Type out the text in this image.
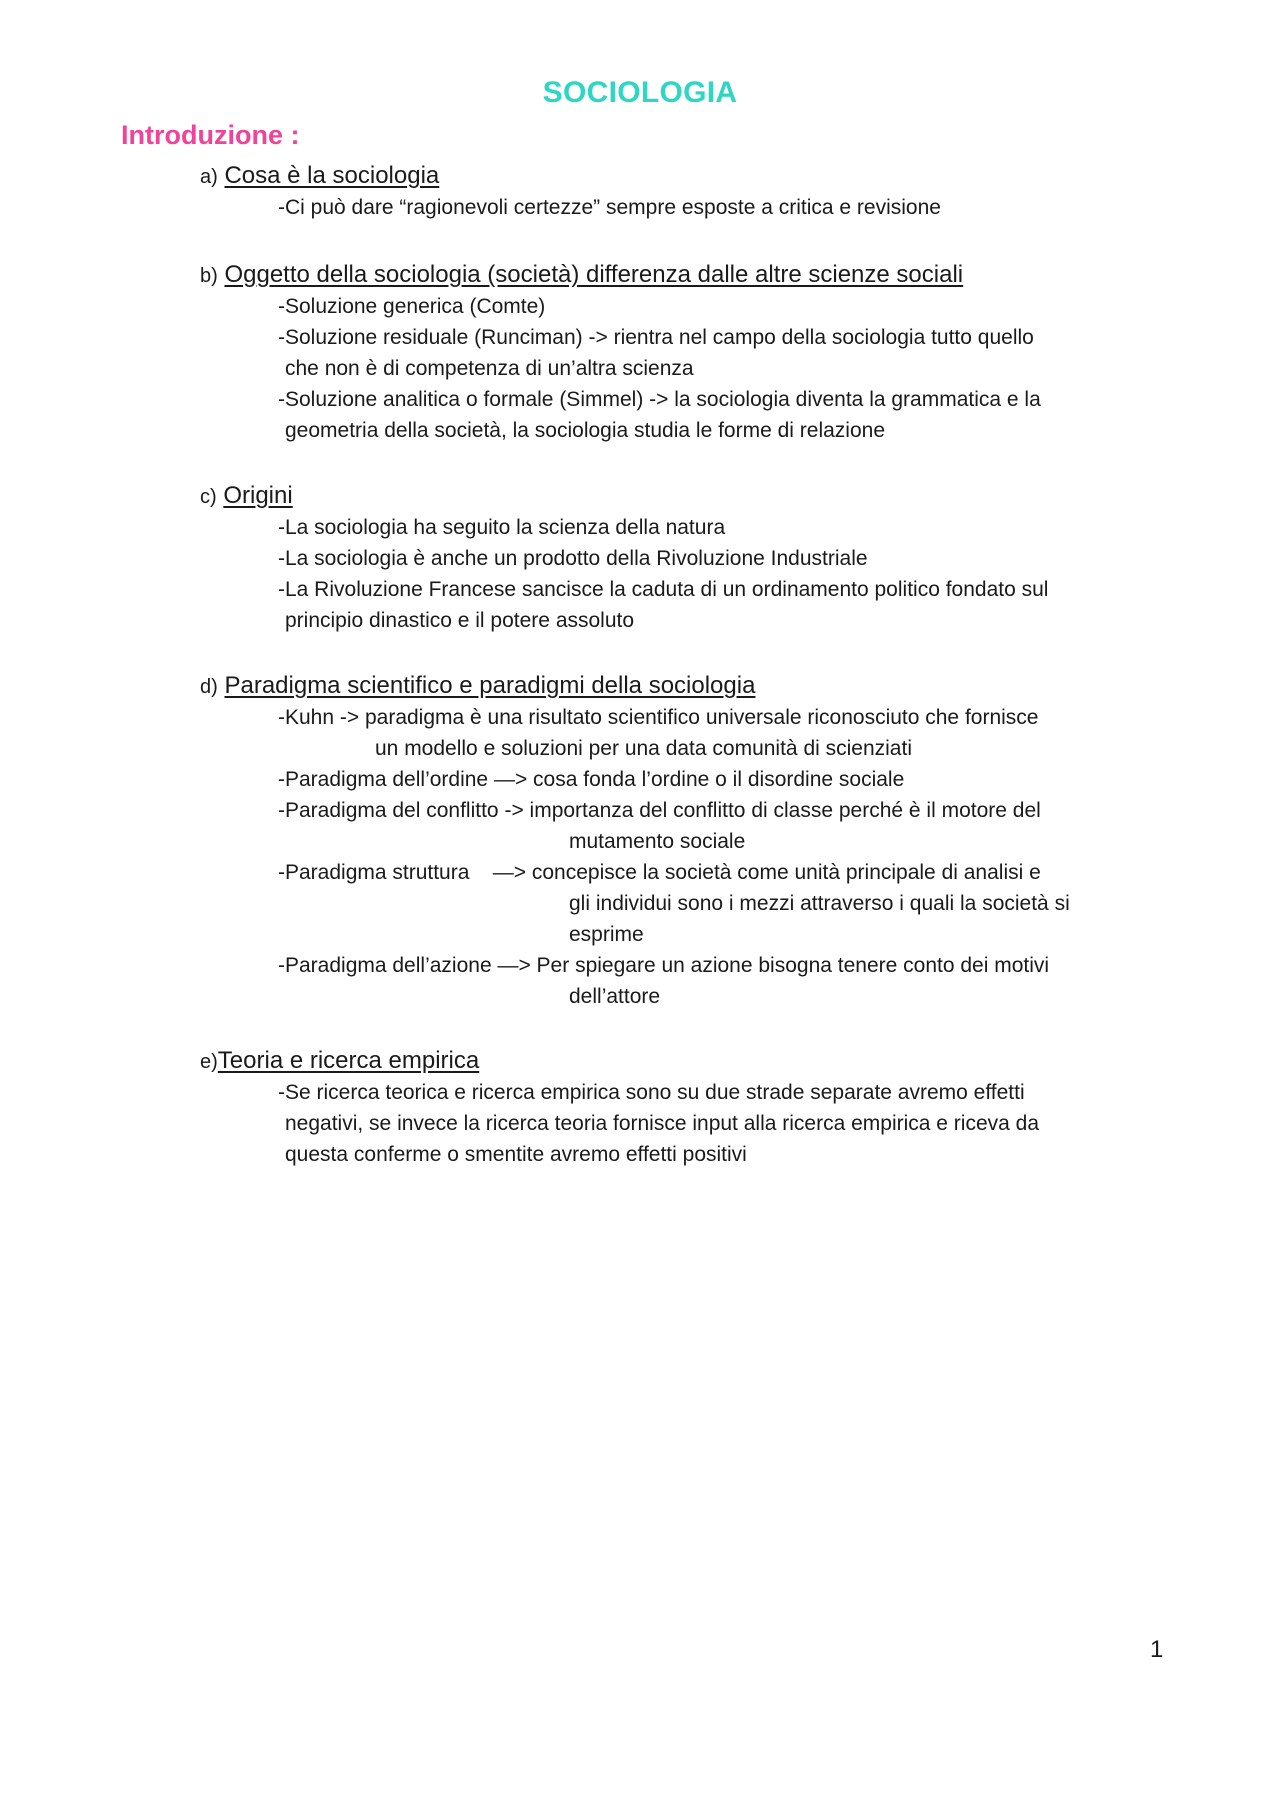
SOCIOLOGIA
Introduzione :
a) Cosa è la sociologia
-Ci può dare “ragionevoli certezze” sempre esposte a critica e revisione
b) Oggetto della sociologia (società) differenza dalle altre scienze sociali
-Soluzione generica (Comte)
-Soluzione residuale (Runciman) -> rientra nel campo della sociologia tutto quello
che non è di competenza di un’altra scienza
-Soluzione analitica o formale (Simmel) -> la sociologia diventa la grammatica e la
geometria della società, la sociologia studia le forme di relazione
c) Origini
-La sociologia ha seguito la scienza della natura
-La sociologia è anche un prodotto della Rivoluzione Industriale
-La Rivoluzione Francese sancisce la caduta di un ordinamento politico fondato sul
principio dinastico e il potere assoluto
d) Paradigma scientifico e paradigmi della sociologia
-Kuhn -> paradigma è una risultato scientifico universale riconosciuto che fornisce
un modello e soluzioni per una data comunità di scienziati
-Paradigma dell’ordine —> cosa fonda l’ordine o il disordine sociale
-Paradigma del conflitto -> importanza del conflitto di classe perché è il motore del
mutamento sociale
-Paradigma struttura    —> concepisce la società come unità principale di analisi e
gli individui sono i mezzi attraverso i quali la società si
esprime
-Paradigma dell’azione —> Per spiegare un azione bisogna tenere conto dei motivi
dell’attore
e)Teoria e ricerca empirica
-Se ricerca teorica e ricerca empirica sono su due strade separate avremo effetti
negativi, se invece la ricerca teoria fornisce input alla ricerca empirica e riceva da
questa conferme o smentite avremo effetti positivi
1
